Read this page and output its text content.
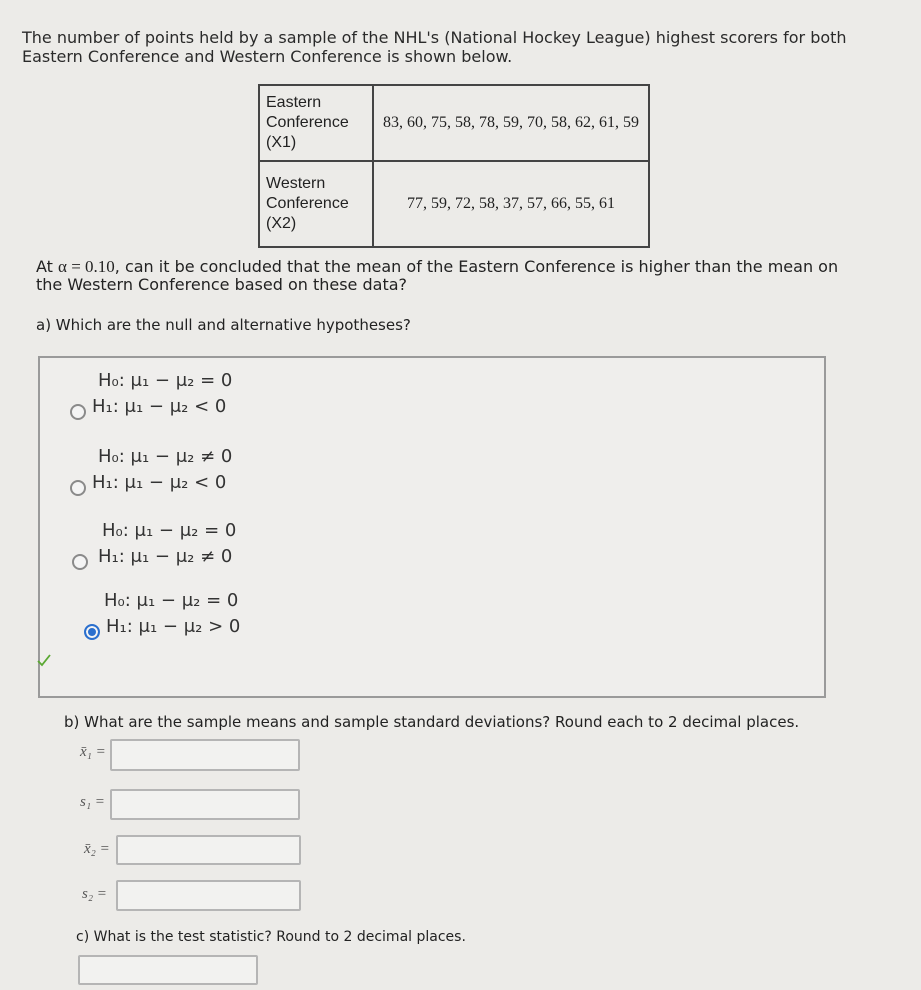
The number of points held by a sample of the NHL's (National Hockey League) highest scorers for both Eastern Conference and Western Conference is shown below.
Eastern
Conference
(X1)	83, 60, 75, 58, 78, 59, 70, 58, 62, 61, 59

Western
Conference
(X2)	77, 59, 72, 58, 37, 57, 66, 55, 61
At α = 0.10, can it be concluded that the mean of the Eastern Conference is higher than the mean on the Western Conference based on these data?
a) Which are the null and alternative hypotheses?
H₀: μ₁ − μ₂ = 0
H₁: μ₁ − μ₂ < 0
H₀: μ₁ − μ₂ ≠ 0
H₁: μ₁ − μ₂ < 0
H₀: μ₁ − μ₂ = 0
H₁: μ₁ − μ₂ ≠ 0
H₀: μ₁ − μ₂ = 0
H₁: μ₁ − μ₂ > 0
b) What are the sample means and sample standard deviations? Round each to 2 decimal places.
x̄₁ =
s₁ =
x̄₂ =
s₂ =
c) What is the test statistic? Round to 2 decimal places.
